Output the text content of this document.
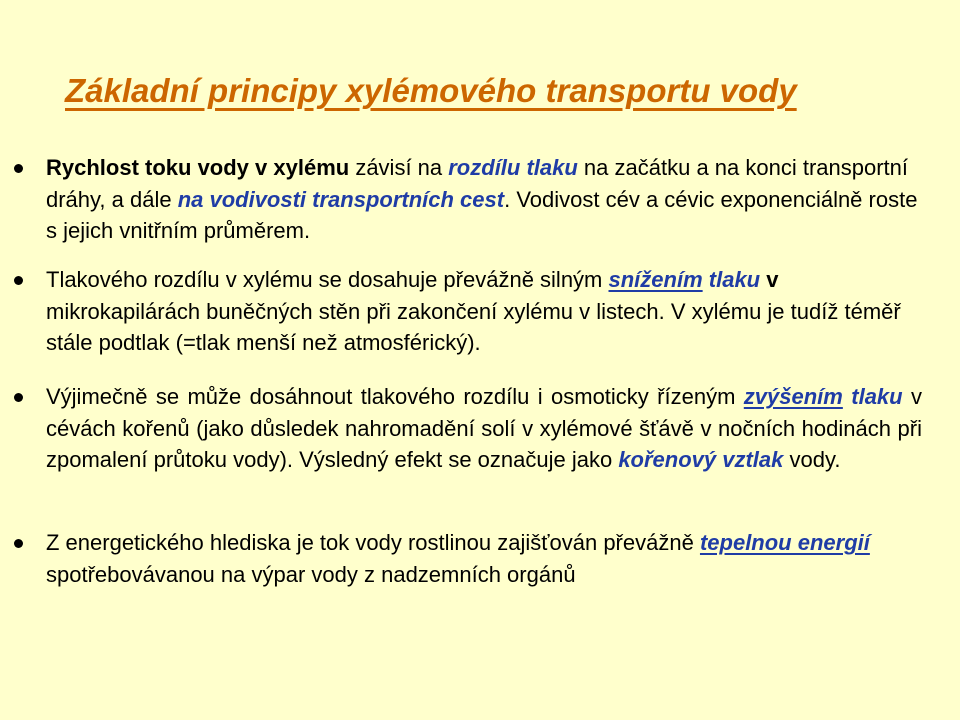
Základní principy xylémového transportu vody

Rychlost toku vody v xylému závisí na rozdílu tlaku na začátku a na konci transportní dráhy, a dále na vodivosti transportních cest. Vodivost cév a cévic exponenciálně roste s jejich vnitřním průměrem.

Tlakového rozdílu v xylému se dosahuje převážně silným snížením tlaku v mikrokapilárách buněčných stěn při zakončení xylému v listech. V xylému je tudíž téměř stále podtlak (=tlak menší než atmosférický).

Výjimečně se může dosáhnout tlakového rozdílu i osmoticky řízeným zvýšením tlaku v cévách kořenů (jako důsledek nahromadění solí v xylémové šťávě v nočních hodinách při zpomalení průtoku vody). Výsledný efekt se označuje jako kořenový vztlak vody.

Z energetického hlediska je tok vody rostlinou zajišťován převážně tepelnou energií spotřebovávanou na výpar vody z nadzemních orgánů
